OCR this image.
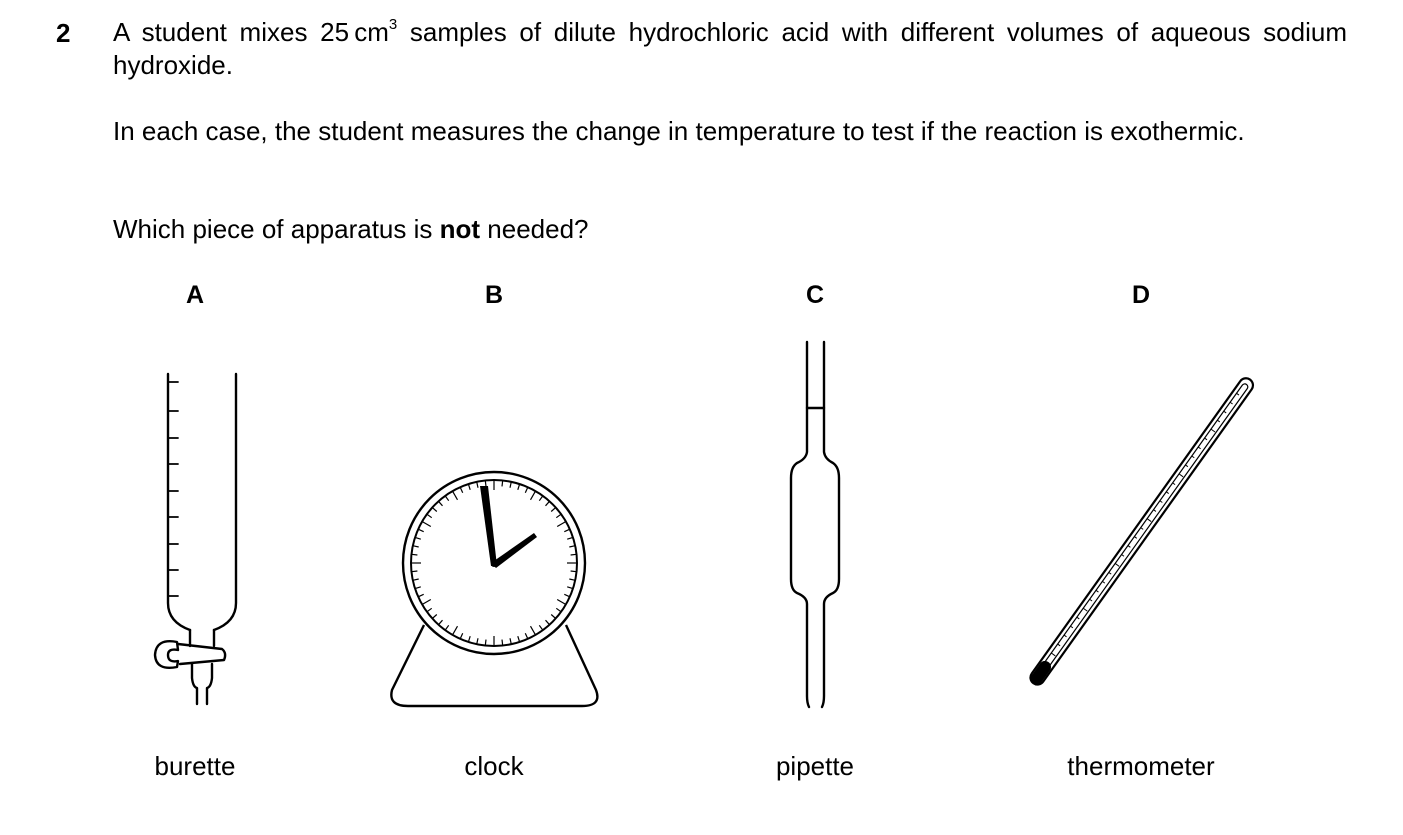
2 A student mixes 25 $cm^3$ samples of dilute hydrochloric acid with different volumes of aqueous sodium hydroxide.

In each case, the student measures the change in temperature to test if the reaction is exothermic.

Which piece of apparatus is not needed?

A	B	C	D
burette	clock	pipette	thermometer
